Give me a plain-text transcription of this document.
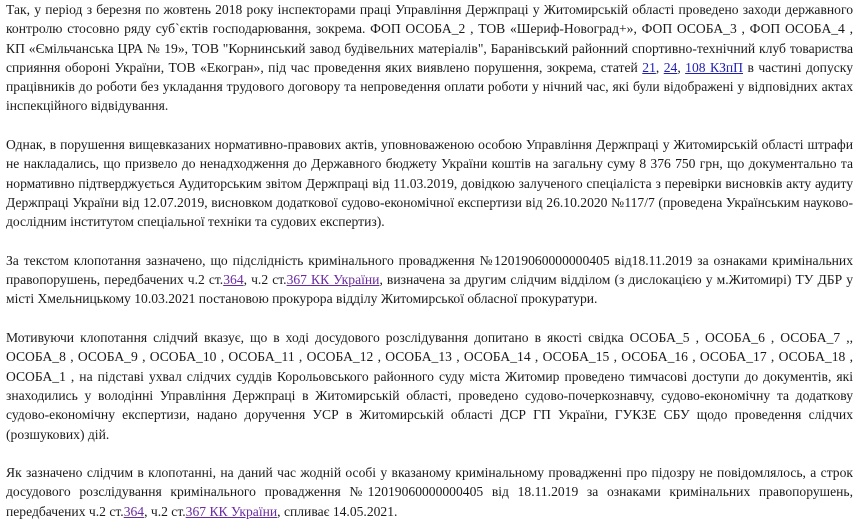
Так, у період з березня по жовтень 2018 року інспекторами праці Управління Держпраці у Житомирській області проведено заходи державного контролю стосовно ряду суб`єктів господарювання, зокрема. ФОП ОСОБА_2 , ТОВ «Шериф-Новоград+», ФОП ОСОБА_3 , ФОП ОСОБА_4 , КП «Ємільчанська ЦРА № 19», ТОВ "Корнинський завод будівельних матеріалів", Баранівський районний спортивно-технічний клуб товариства сприяння обороні України, ТОВ «Екогран», під час проведення яких виявлено порушення, зокрема, статей 21, 24, 108 КЗпП в частині допуску працівників до роботи без укладання трудового договору та непроведення оплати роботи у нічний час, які були відображені у відповідних актах інспекційного відвідування.

Однак, в порушення вищевказаних нормативно-правових актів, уповноваженою особою Управління Держпраці у Житомирській області штрафи не накладались, що призвело до ненадходження до Державного бюджету України коштів на загальну суму 8 376 750 грн, що документально та нормативно підтверджується Аудиторським звітом Держпраці від 11.03.2019, довідкою залученого спеціаліста з перевірки висновків акту аудиту Держпраці України від 12.07.2019, висновком додаткової судово-економічної експертизи від 26.10.2020 №117/7 (проведена Українським науково-дослідним інститутом спеціальної техніки та судових експертиз).

За текстом клопотання зазначено, що підслідність кримінального провадження №12019060000000405 від18.11.2019 за ознаками кримінальних правопорушень, передбачених ч.2 ст.364, ч.2 ст.367 КК України, визначена за другим слідчим відділом (з дислокацією у м.Житомирі) ТУ ДБР у місті Хмельницькому 10.03.2021 постановою прокурора відділу Житомирської обласної прокуратури.

Мотивуючи клопотання слідчий вказує, що в ході досудового розслідування допитано в якості свідка ОСОБА_5 , ОСОБА_6 , ОСОБА_7 ,, ОСОБА_8 , ОСОБА_9 , ОСОБА_10 , ОСОБА_11 , ОСОБА_12 , ОСОБА_13 , ОСОБА_14 , ОСОБА_15 , ОСОБА_16 , ОСОБА_17 , ОСОБА_18 , ОСОБА_1 , на підставі ухвал слідчих суддів Корольовського районного суду міста Житомир проведено тимчасові доступи до документів, які знаходились у володінні Управління Держпраці в Житомирській області, проведено судово-почеркознавчу, судово-економічну та додаткову судово-економічну експертизи, надано доручення УСР в Житомирській області ДСР ГП України, ГУКЗЕ СБУ щодо проведення слідчих (розшукових) дій.

Як зазначено слідчим в клопотанні, на даний час жодній особі у вказаному кримінальному провадженні про підозру не повідомлялось, а строк досудового розслідування кримінального провадження №12019060000000405 від 18.11.2019 за ознаками кримінальних правопорушень, передбачених ч.2 ст.364, ч.2 ст.367 КК України, спливає 14.05.2021.
